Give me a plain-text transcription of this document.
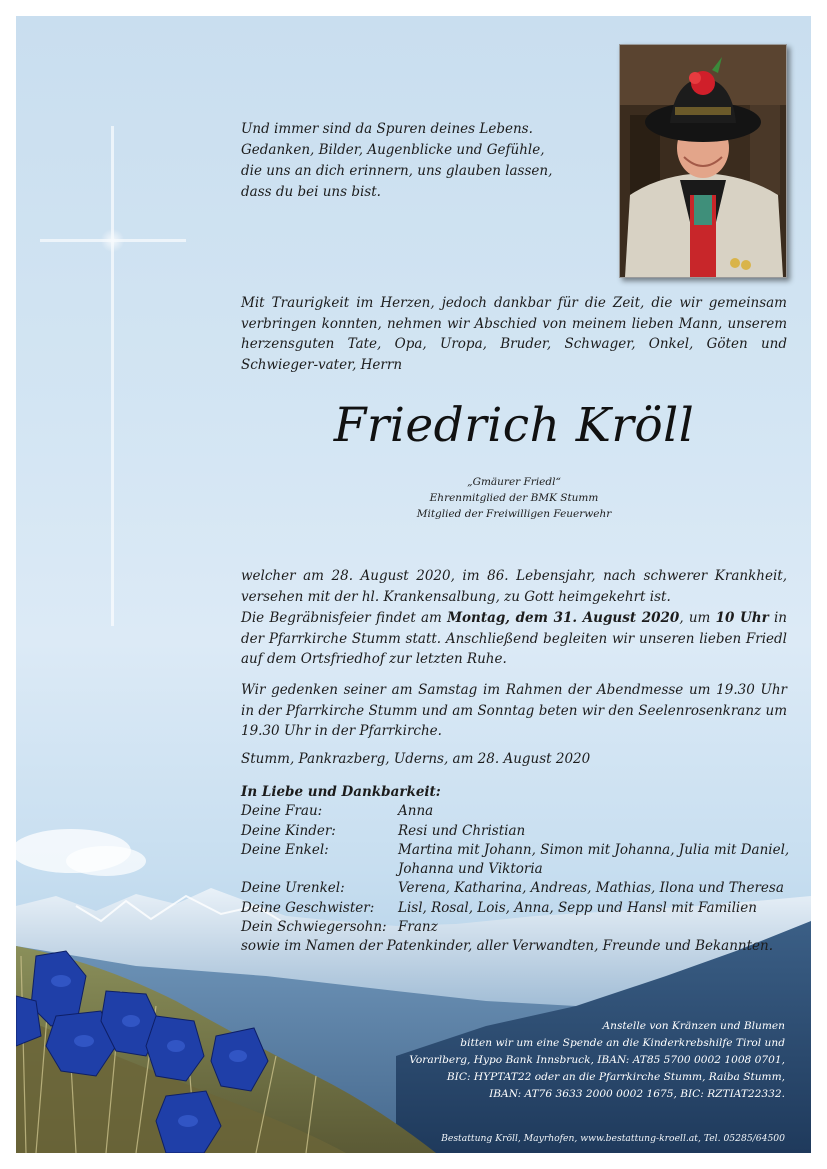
Und immer sind da Spuren deines Lebens.
Gedanken, Bilder, Augenblicke und Gefühle,
die uns an dich erinnern, uns glauben lassen,
dass du bei uns bist.

Mit Traurigkeit im Herzen, jedoch dankbar für die Zeit, die wir gemeinsam verbringen konnten, nehmen wir Abschied von meinem lieben Mann, unserem herzensguten Tate, Opa, Uropa, Bruder, Schwager, Onkel, Göten und Schwieger-vater, Herrn

Friedrich Kröll
„Gmäurer Friedl“
Ehrenmitglied der BMK Stumm
Mitglied der Freiwilligen Feuerwehr

welcher am 28. August 2020, im 86. Lebensjahr, nach schwerer Krankheit, versehen mit der hl. Krankensalbung, zu Gott heimgekehrt ist.

Die Begräbnisfeier findet am Montag, dem 31. August 2020, um 10 Uhr in der Pfarrkirche Stumm statt. Anschließend begleiten wir unseren lieben Friedl auf dem Ortsfriedhof zur letzten Ruhe.

Wir gedenken seiner am Samstag im Rahmen der Abendmesse um 19.30 Uhr in der Pfarrkirche Stumm und am Sonntag beten wir den Seelenrosenkranz um 19.30 Uhr in der Pfarrkirche.

Stumm, Pankrazberg, Uderns, am 28. August 2020

In Liebe und Dankbarkeit:
Deine Frau:	Anna
Deine Kinder:	Resi und Christian
Deine Enkel:	Martina mit Johann, Simon mit Johanna, Julia mit Daniel, Johanna und Viktoria
Deine Urenkel:	Verena, Katharina, Andreas, Mathias, Ilona und Theresa
Deine Geschwister:	Lisl, Rosal, Lois, Anna, Sepp und Hansl mit Familien
Dein Schwiegersohn: Franz
sowie im Namen der Patenkinder, aller Verwandten, Freunde und Bekannten.
Anstelle von Kränzen und Blumen
bitten wir um eine Spende an die Kinderkrebshilfe Tirol und
Vorarlberg, Hypo Bank Innsbruck, IBAN: AT85 5700 0002 1008 0701,
BIC: HYPTAT22 oder an die Pfarrkirche Stumm, Raiba Stumm,
IBAN: AT76 3633 2000 0002 1675, BIC: RZTIAT22332.
Bestattung Kröll, Mayrhofen, www.bestattung-kroell.at, Tel. 05285/64500
